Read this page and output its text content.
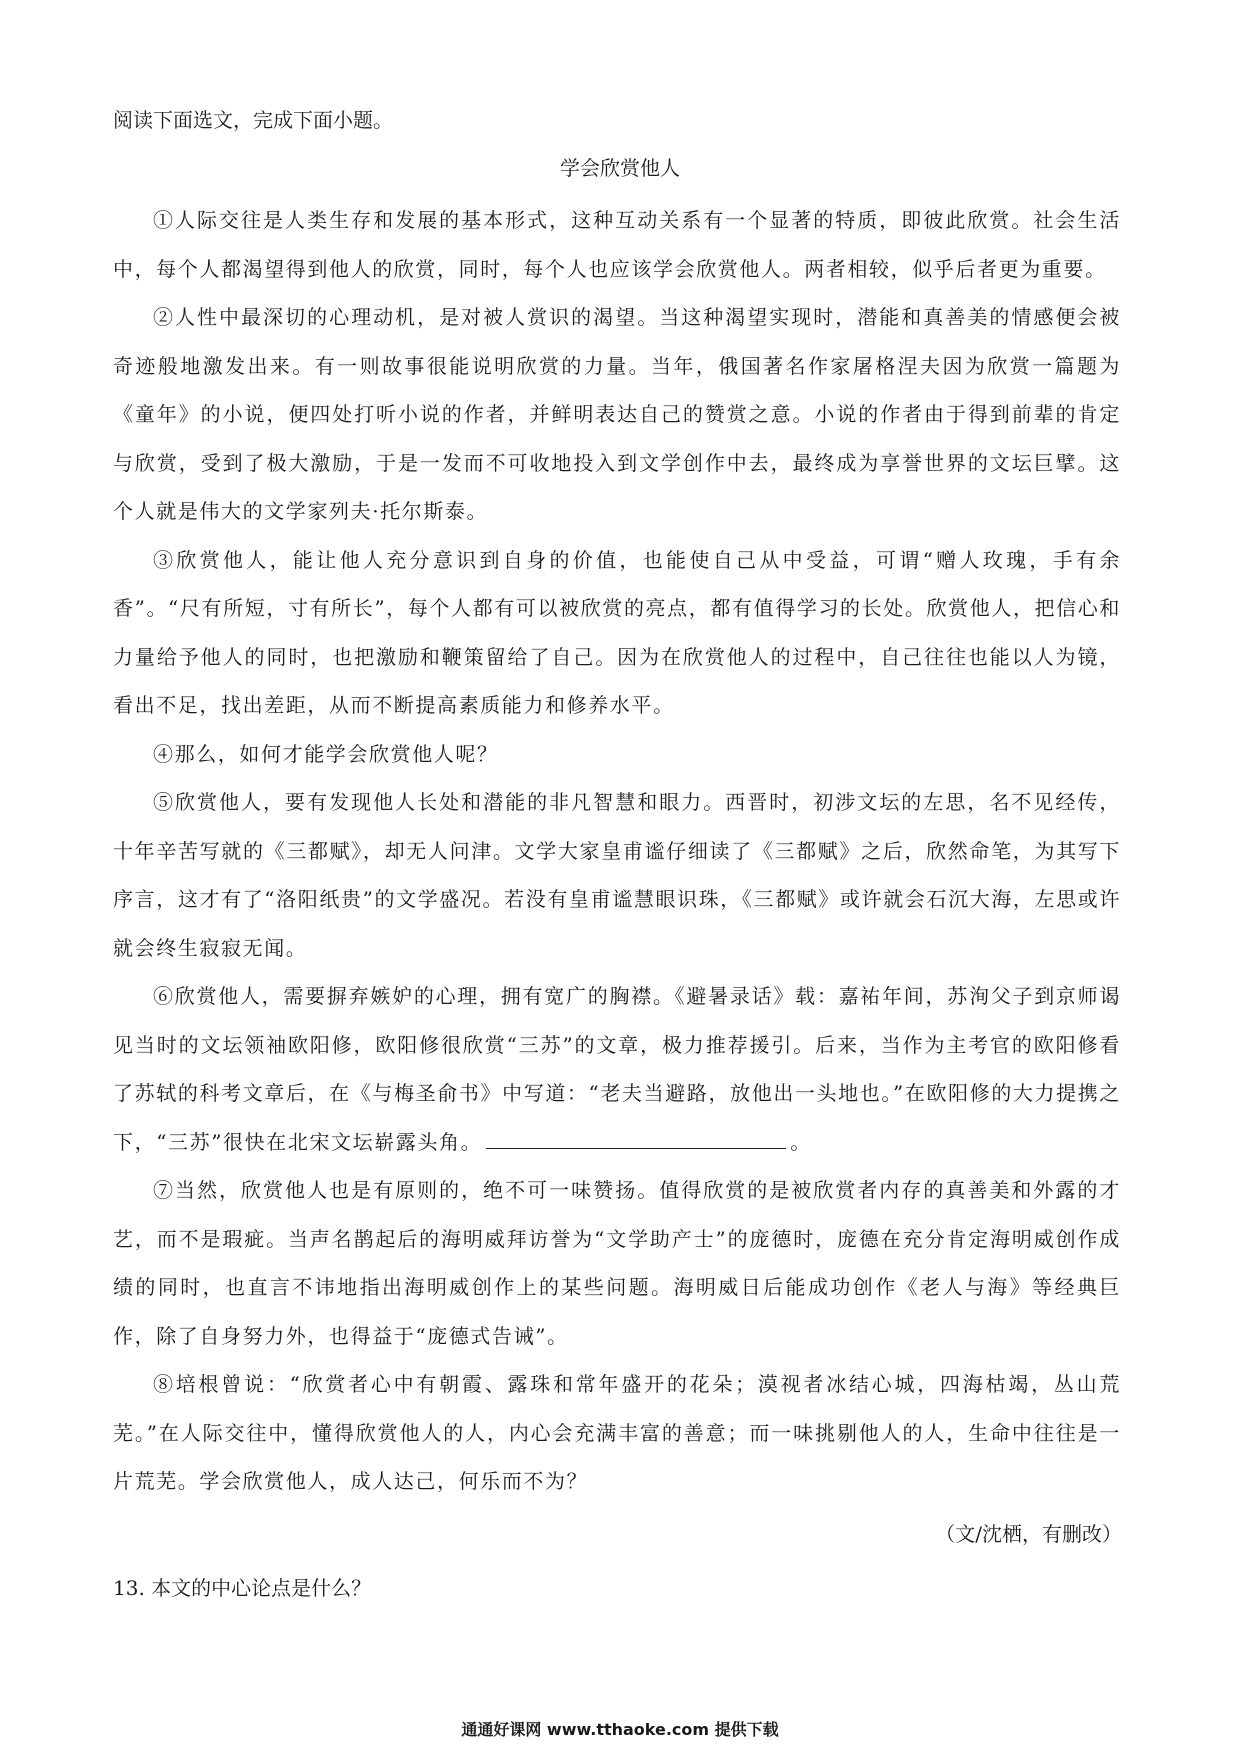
阅读下面选文，完成下面小题。

学会欣赏他人

①人际交往是人类生存和发展的基本形式，这种互动关系有一个显著的特质，即彼此欣赏。社会生活中，每个人都渴望得到他人的欣赏，同时，每个人也应该学会欣赏他人。两者相较，似乎后者更为重要。

②人性中最深切的心理动机，是对被人赏识的渴望。当这种渴望实现时，潜能和真善美的情感便会被奇迹般地激发出来。有一则故事很能说明欣赏的力量。当年，俄国著名作家屠格涅夫因为欣赏一篇题为《童年》的小说，便四处打听小说的作者，并鲜明表达自己的赞赏之意。小说的作者由于得到前辈的肯定与欣赏，受到了极大激励，于是一发而不可收地投入到文学创作中去，最终成为享誉世界的文坛巨擘。这个人就是伟大的文学家列夫·托尔斯泰。

③欣赏他人，能让他人充分意识到自身的价值，也能使自己从中受益，可谓“赠人玫瑰，手有余香”。“尺有所短，寸有所长”，每个人都有可以被欣赏的亮点，都有值得学习的长处。欣赏他人，把信心和力量给予他人的同时，也把激励和鞭策留给了自己。因为在欣赏他人的过程中，自己往往也能以人为镜，看出不足，找出差距，从而不断提高素质能力和修养水平。

④那么，如何才能学会欣赏他人呢？

⑤欣赏他人，要有发现他人长处和潜能的非凡智慧和眼力。西晋时，初涉文坛的左思，名不见经传，十年辛苦写就的《三都赋》，却无人问津。文学大家皇甫谧仔细读了《三都赋》之后，欣然命笔，为其写下序言，这才有了“洛阳纸贵”的文学盛况。若没有皇甫谧慧眼识珠，《三都赋》或许就会石沉大海，左思或许就会终生寂寂无闻。

⑥欣赏他人，需要摒弃嫉妒的心理，拥有宽广的胸襟。《避暑录话》载：嘉祐年间，苏洵父子到京师谒见当时的文坛领袖欧阳修，欧阳修很欣赏“三苏”的文章，极力推荐援引。后来，当作为主考官的欧阳修看了苏轼的科考文章后，在《与梅圣俞书》中写道：“老夫当避路，放他出一头地也。”在欧阳修的大力提携之下，“三苏”很快在北宋文坛崭露头角。	。

⑦当然，欣赏他人也是有原则的，绝不可一味赞扬。值得欣赏的是被欣赏者内存的真善美和外露的才艺，而不是瑕疵。当声名鹊起后的海明威拜访誉为“文学助产士”的庞德时，庞德在充分肯定海明威创作成绩的同时，也直言不讳地指出海明威创作上的某些问题。海明威日后能成功创作《老人与海》等经典巨作，除了自身努力外，也得益于“庞德式告诫”。

⑧培根曾说：“欣赏者心中有朝霞、露珠和常年盛开的花朵；漠视者冰结心城，四海枯竭，丛山荒芜。”在人际交往中，懂得欣赏他人的人，内心会充满丰富的善意；而一味挑剔他人的人，生命中往往是一片荒芜。学会欣赏他人，成人达己，何乐而不为？

（文/沈栖，有删改）

13. 本文的中心论点是什么？

通通好课网 www.tthaoke.com 提供下载
